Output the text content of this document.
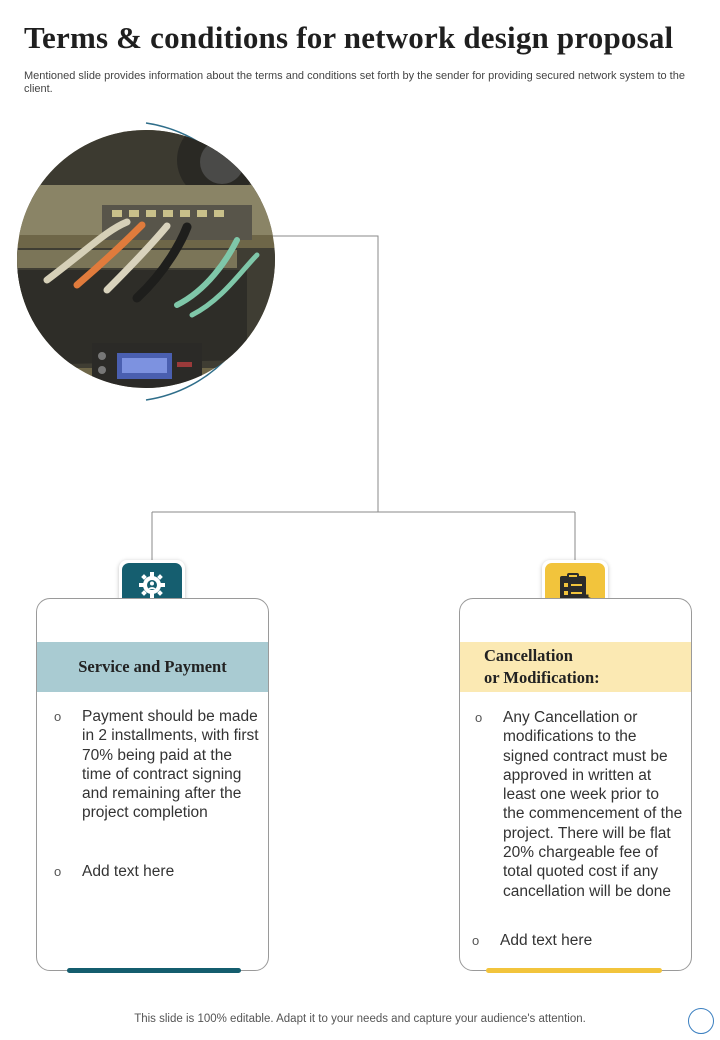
Terms & conditions for network design proposal
Mentioned slide provides information about the terms and conditions set forth by the sender for providing secured network system to the client.
Service and Payment
o Payment should be made in 2 installments, with first 70% being paid at the time of contract signing and remaining after the project completion
o Add text here
Cancellation
or Modification:
o Any Cancellation or modifications to the signed contract must be approved in written at least one week prior to the commencement of the project. There will be flat 20% chargeable fee of total quoted cost if any cancellation will be done
o Add text here
This slide is 100% editable. Adapt it to your needs and capture your audience's attention.
